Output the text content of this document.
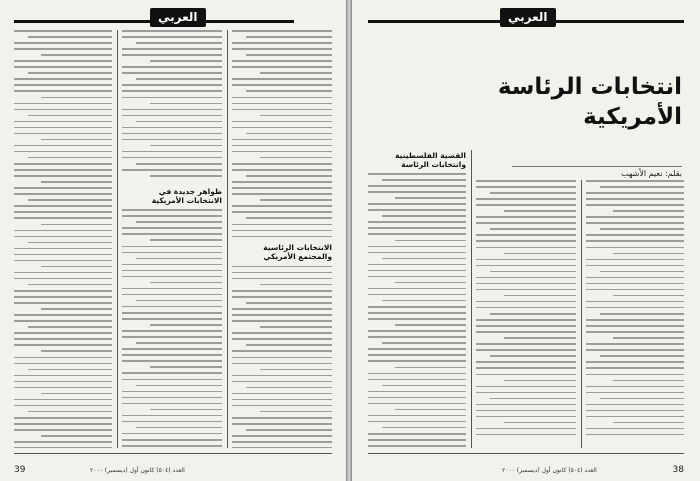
العربي
ظواهر جديدة في الانتخابات الأمريكية
الانتخابات الرئاسية والمجتمع الأمريكي
39	العدد (٥٠٤) كانون أول (ديسمبر) ٢٠٠٠
العربي
انتخابات الرئاسة
الأمريكية
بقلم: نعيم الأشهب
القضية الفلسطينية وانتخابات الرئاسة
38
العدد (٥٠٤) كانون أول (ديسمبر) ٢٠٠٠
